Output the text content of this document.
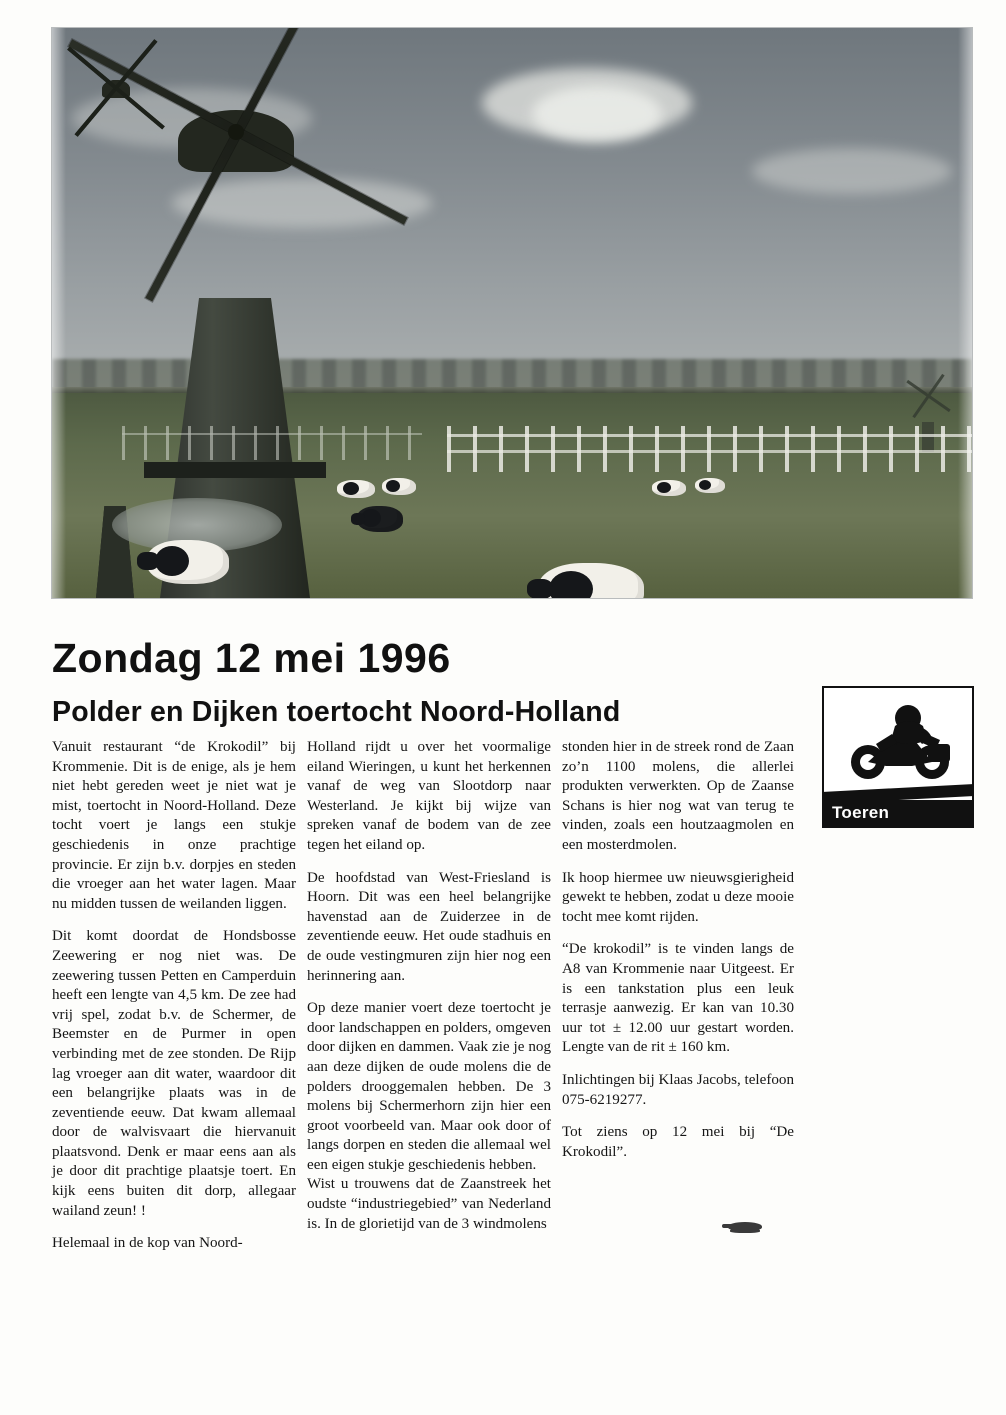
Zondag 12 mei 1996
Polder en Dijken toertocht Noord-Holland
Toeren

Vanuit restaurant “de Krokodil” bij Krommenie. Dit is de enige, als je hem niet hebt gereden weet je niet wat je mist, toertocht in Noord-Holland. Deze tocht voert je langs een stukje geschiedenis in onze prachtige provincie. Er zijn b.v. dorpjes en steden die vroeger aan het water lagen. Maar nu midden tussen de weilanden liggen.

Dit komt doordat de Hondsbosse Zeewering er nog niet was. De zeewering tussen Petten en Camperduin heeft een lengte van 4,5 km. De zee had vrij spel, zodat b.v. de Schermer, de Beemster en de Purmer in open verbinding met de zee stonden. De Rijp lag vroeger aan dit water, waardoor dit een belangrijke plaats was in de zeventiende eeuw. Dat kwam allemaal door de walvisvaart die hiervanuit plaatsvond. Denk er maar eens aan als je door dit prachtige plaatsje toert. En kijk eens buiten dit dorp, allegaar wailand zeun! !

Helemaal in de kop van Noord-

Holland rijdt u over het voormalige eiland Wieringen, u kunt het herkennen vanaf de weg van Slootdorp naar Westerland. Je kijkt bij wijze van spreken vanaf de bodem van de zee tegen het eiland op.

De hoofdstad van West-Friesland is Hoorn. Dit was een heel belangrijke havenstad aan de Zuiderzee in de zeventiende eeuw. Het oude stadhuis en de oude vestingmuren zijn hier nog een herinnering aan.

Op deze manier voert deze toertocht je door landschappen en polders, omgeven door dijken en dammen. Vaak zie je nog aan deze dijken de oude molens die de polders drooggemalen hebben. De 3 molens bij Schermerhorn zijn hier een groot voorbeeld van. Maar ook door of langs dorpen en steden die allemaal wel een eigen stukje geschiedenis hebben.

Wist u trouwens dat de Zaanstreek het oudste “industriegebied” van Nederland is. In de glorietijd van de 3 windmolens

stonden hier in de streek rond de Zaan zo’n 1100 molens, die allerlei produkten verwerkten. Op de Zaanse Schans is hier nog wat van terug te vinden, zoals een houtzaagmolen en een mosterdmolen.

Ik hoop hiermee uw nieuwsgierigheid gewekt te hebben, zodat u deze mooie tocht mee komt rijden.

“De krokodil” is te vinden langs de A8 van Krommenie naar Uitgeest. Er is een tankstation plus een leuk terrasje aanwezig. Er kan van 10.30 uur tot ± 12.00 uur gestart worden. Lengte van de rit ± 160 km.

Inlichtingen bij Klaas Jacobs, telefoon 075-6219277.

Tot ziens op 12 mei bij “De Krokodil”.
